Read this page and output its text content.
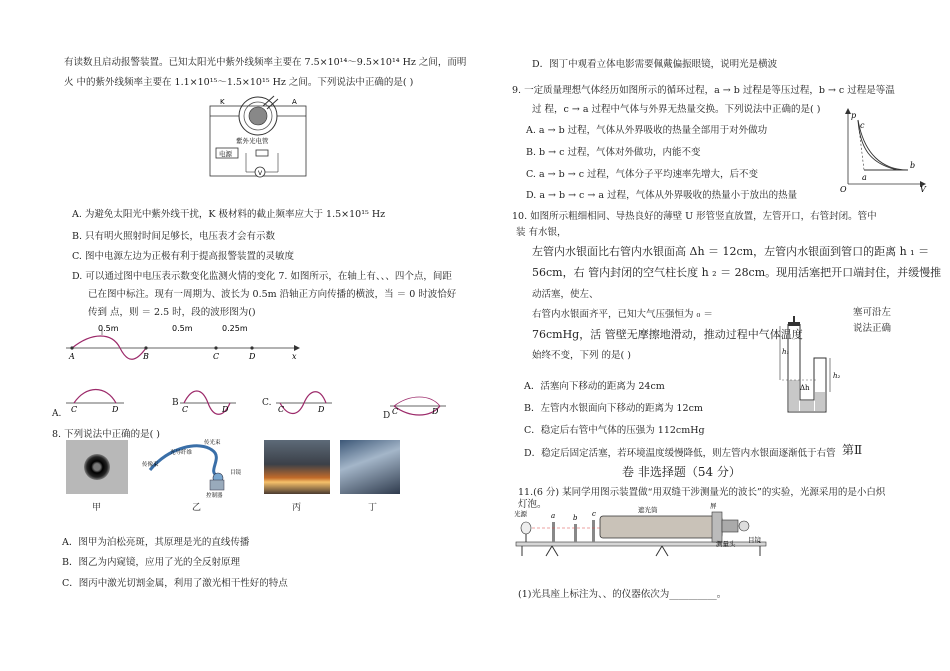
有读数且启动报警装置。已知太阳光中紫外线频率主要在 7.5×10¹⁴～9.5×10¹⁴ Hz 之间，而明
火 中的紫外线频率主要在 1.1×10¹⁵～1.5×10¹⁵ Hz 之间。下列说法中正确的是( )
K	A
紫外光电管
电源
V
A. 为避免太阳光中紫外线干扰，K 极材料的截止频率应大于 1.5×10¹⁵ Hz
B. 只有明火照射时间足够长，电压表才会有示数
C. 图中电源左边为正极有利于提高报警装置的灵敏度
D. 可以通过图中电压表示数变化监测火情的变化 7. 如图所示，在轴上有、、、四个点，间距
已在图中标注。现有一周期为、波长为 0.5m 沿轴正方向传播的横波，当 ＝ 0 时波恰好
传到 点，则 ＝ 2.5 时，段的波形图为()
0.5m	0.5m	0.25m
A	B	C	D	x
C	D
A.
B
C	D
C.
C	D
D C	D
8. 下列说法中正确的是( )
传光束
光导纤维
传像束
目镜
控制器
甲	乙	丙	丁
A．图甲为泊松亮斑，其原理是光的直线传播
B．图乙为内窥镜，应用了光的全反射原理
C．图丙中激光切割金属，利用了激光相干性好的特点
D．图丁中观看立体电影需要佩戴偏振眼镜，说明光是横波
9. 一定质量理想气体经历如图所示的循环过程，a → b 过程是等压过程，b → c 过程是等温
过 程，c → a 过程中气体与外界无热量交换。下列说法中正确的是( )
A. a → b 过程，气体从外界吸收的热量全部用于对外做功
B. b → c 过程，气体对外做功，内能不变
C. a → b → c 过程，气体分子平均速率先增大，后不变
D. a → b → c → a 过程，气体从外界吸收的热量小于放出的热量
p
V
O
a
b
c
10. 如图所示粗细相同、导热良好的薄壁 U 形管竖直放置，左管开口，右管封闭。管中
装 有水银，
左管内水银面比右管内水银面高 Δh ＝ 12cm，左管内水银面到管口的距离 h ₁ ＝
56cm，右 管内封闭的空气柱长度 h ₂ ＝ 28cm。现用活塞把开口端封住，并缓慢推
动活塞，使左、
右管内水银面齐平，已知大气压强恒为 ₀ ＝
76cmHg，活 管壁无摩擦地滑动，推动过程中气体温度
始终不变，下列 的是( )
塞可沿左
说法正确
h₁
h₂
Δh
A．活塞向下移动的距离为 24cm
B．左管内水银面向下移动的距离为 12cm
C．稳定后右管中气体的压强为 112cmHg
D．稳定后固定活塞，若环境温度缓慢降低，则左管内水银面逐渐低于右管 第Ⅱ
卷 非选择题（54 分）
11.(6 分) 某同学用图示装置做“用双缝干涉测量光的波长”的实验，光源采用的是小白炽
灯泡。
光源	a	b c	遮光筒	屏
测量头 目镜
(1)光具座上标注为、、的仪器依次为__________。
